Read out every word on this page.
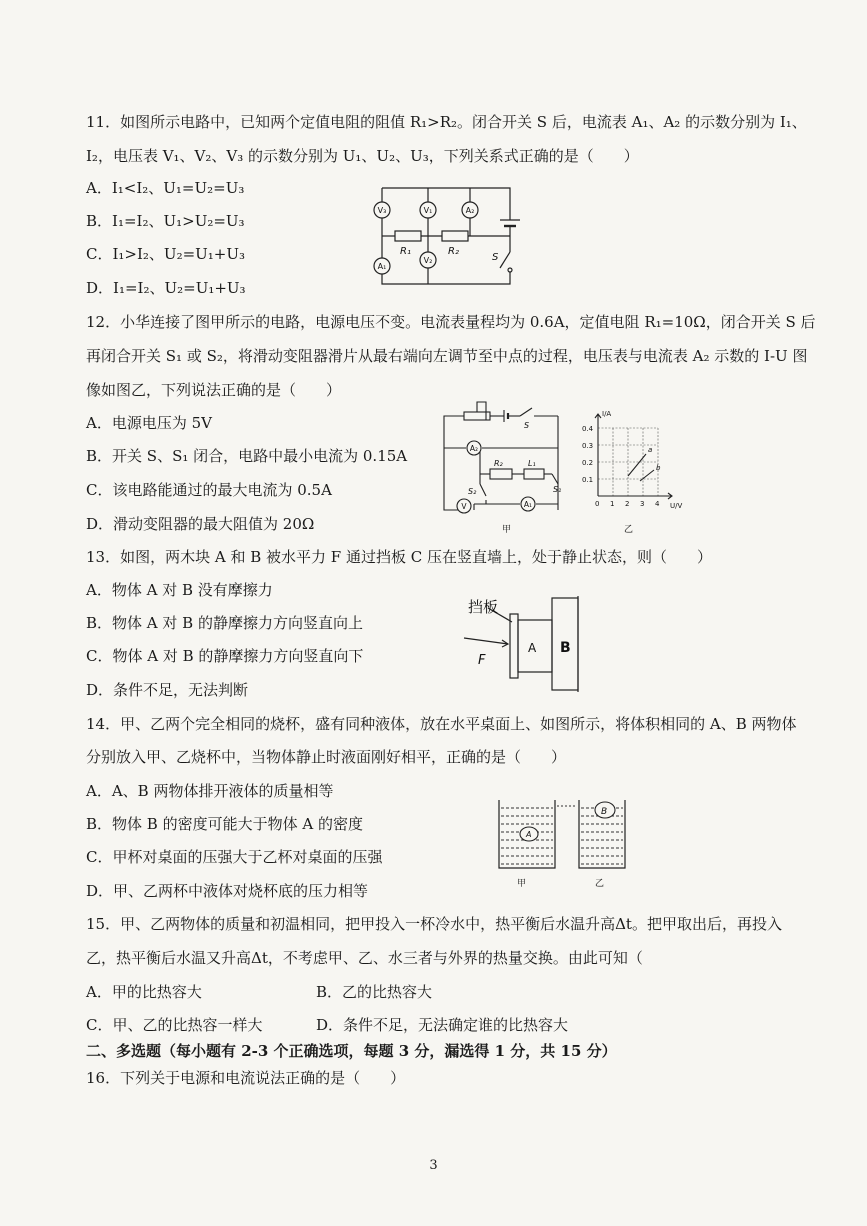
11．如图所示电路中，已知两个定值电阻的阻值 R₁>R₂。闭合开关 S 后，电流表 A₁、A₂ 的示数分别为 I₁、
I₂，电压表 V₁、V₂、V₃ 的示数分别为 U₁、U₂、U₃，下列关系式正确的是（　　）
A．I₁<I₂、U₁=U₂=U₃
B．I₁=I₂、U₁>U₂=U₃
C．I₁>I₂、U₂=U₁+U₃
D．I₁=I₂、U₂=U₁+U₃
V₃	V₁	A₂
A₁
V₂
R₁	R₂
S
12．小华连接了图甲所示的电路，电源电压不变。电流表量程均为 0.6A，定值电阻 R₁=10Ω，闭合开关 S 后
再闭合开关 S₁ 或 S₂，将滑动变阻器滑片从最右端向左调节至中点的过程，电压表与电流表 A₂ 示数的 I-U 图
像如图乙，下列说法正确的是（　　）
A．电源电压为 5V
B．开关 S、S₁ 闭合，电路中最小电流为 0.15A
C．该电路能通过的最大电流为 0.5A
D．滑动变阻器的最大阻值为 20Ω
A₂
V	A₁
S
R₂	L₁
S₁
S₂
甲
I/A
U/V
0.4
0.3
0.2
0.1
0 1 2 3 4
a
b
乙
13．如图，两木块 A 和 B 被水平力 F 通过挡板 C 压在竖直墙上，处于静止状态，则（　　）
A．物体 A 对 B 没有摩擦力
B．物体 A 对 B 的静摩擦力方向竖直向上
C．物体 A 对 B 的静摩擦力方向竖直向下
D．条件不足，无法判断
挡板
F
A B
14．甲、乙两个完全相同的烧杯，盛有同种液体，放在水平桌面上、如图所示，将体积相同的 A、B 两物体
分别放入甲、乙烧杯中，当物体静止时液面刚好相平，正确的是（　　）
A．A、B 两物体排开液体的质量相等
B．物体 B 的密度可能大于物体 A 的密度
C．甲杯对桌面的压强大于乙杯对桌面的压强
D．甲、乙两杯中液体对烧杯底的压力相等
A
B
甲	乙
15．甲、乙两物体的质量和初温相同，把甲投入一杯冷水中，热平衡后水温升高Δt。把甲取出后，再投入
乙，热平衡后水温又升高Δt，不考虑甲、乙、水三者与外界的热量交换。由此可知（
A．甲的比热容大	B．乙的比热容大
C．甲、乙的比热容一样大	D．条件不足，无法确定谁的比热容大
二、多选题（每小题有 2-3 个正确选项，每题 3 分，漏选得 1 分，共 15 分）
16．下列关于电源和电流说法正确的是（　　）
3
